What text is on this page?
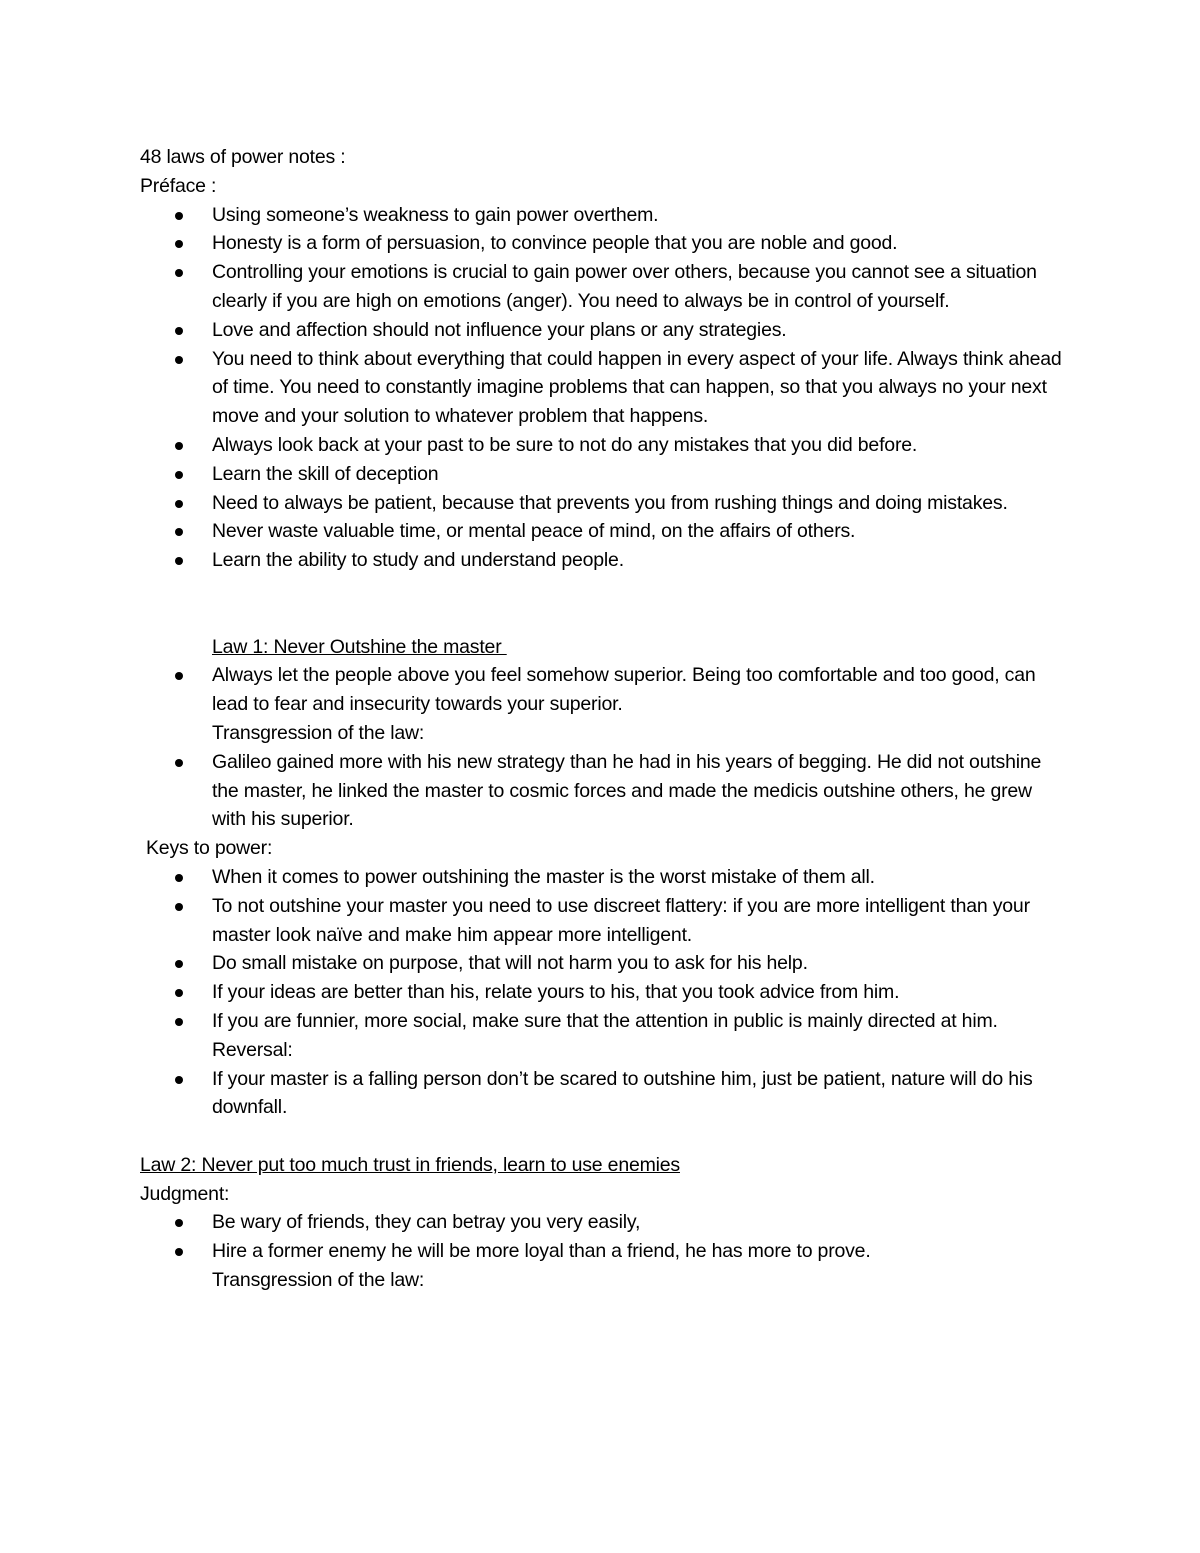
48 laws of power notes :

Préface :

Using someone’s weakness to gain power overthem.
Honesty is a form of persuasion, to convince people that you are noble and good.
Controlling your emotions is crucial to gain power over others, because you cannot see a situation clearly if you are high on emotions (anger). You need to always be in control of yourself.
Love and affection should not influence your plans or any strategies.
You need to think about everything that could happen in every aspect of your life. Always think ahead of time. You need to constantly imagine problems that can happen, so that you always no your next move and your solution to whatever problem that happens.
Always look back at your past to be sure to not do any mistakes that you did before.
Learn the skill of deception
Need to always be patient, because that prevents you from rushing things and doing mistakes.
Never waste valuable time, or mental peace of mind, on the affairs of others.
Learn the ability to study and understand people.

Law 1: Never Outshine the master

Always let the people above you feel somehow superior. Being too comfortable and too good, can lead to fear and insecurity towards your superior.

Transgression of the law:

Galileo gained more with his new strategy than he had in his years of begging. He did not outshine the master, he linked the master to cosmic forces and made the medicis outshine others, he grew with his superior.

Keys to power:

When it comes to power outshining the master is the worst mistake of them all.
To not outshine your master you need to use discreet flattery: if you are more intelligent than your master look naïve and make him appear more intelligent.
Do small mistake on purpose, that will not harm you to ask for his help.
If your ideas are better than his, relate yours to his, that you took advice from him.
If you are funnier, more social, make sure that the attention in public is mainly directed at him.

Reversal:

If your master is a falling person don’t be scared to outshine him, just be patient, nature will do his downfall.

Law 2: Never put too much trust in friends, learn to use enemies

Judgment:

Be wary of friends, they can betray you very easily,
Hire a former enemy he will be more loyal than a friend, he has more to prove.

Transgression of the law:
